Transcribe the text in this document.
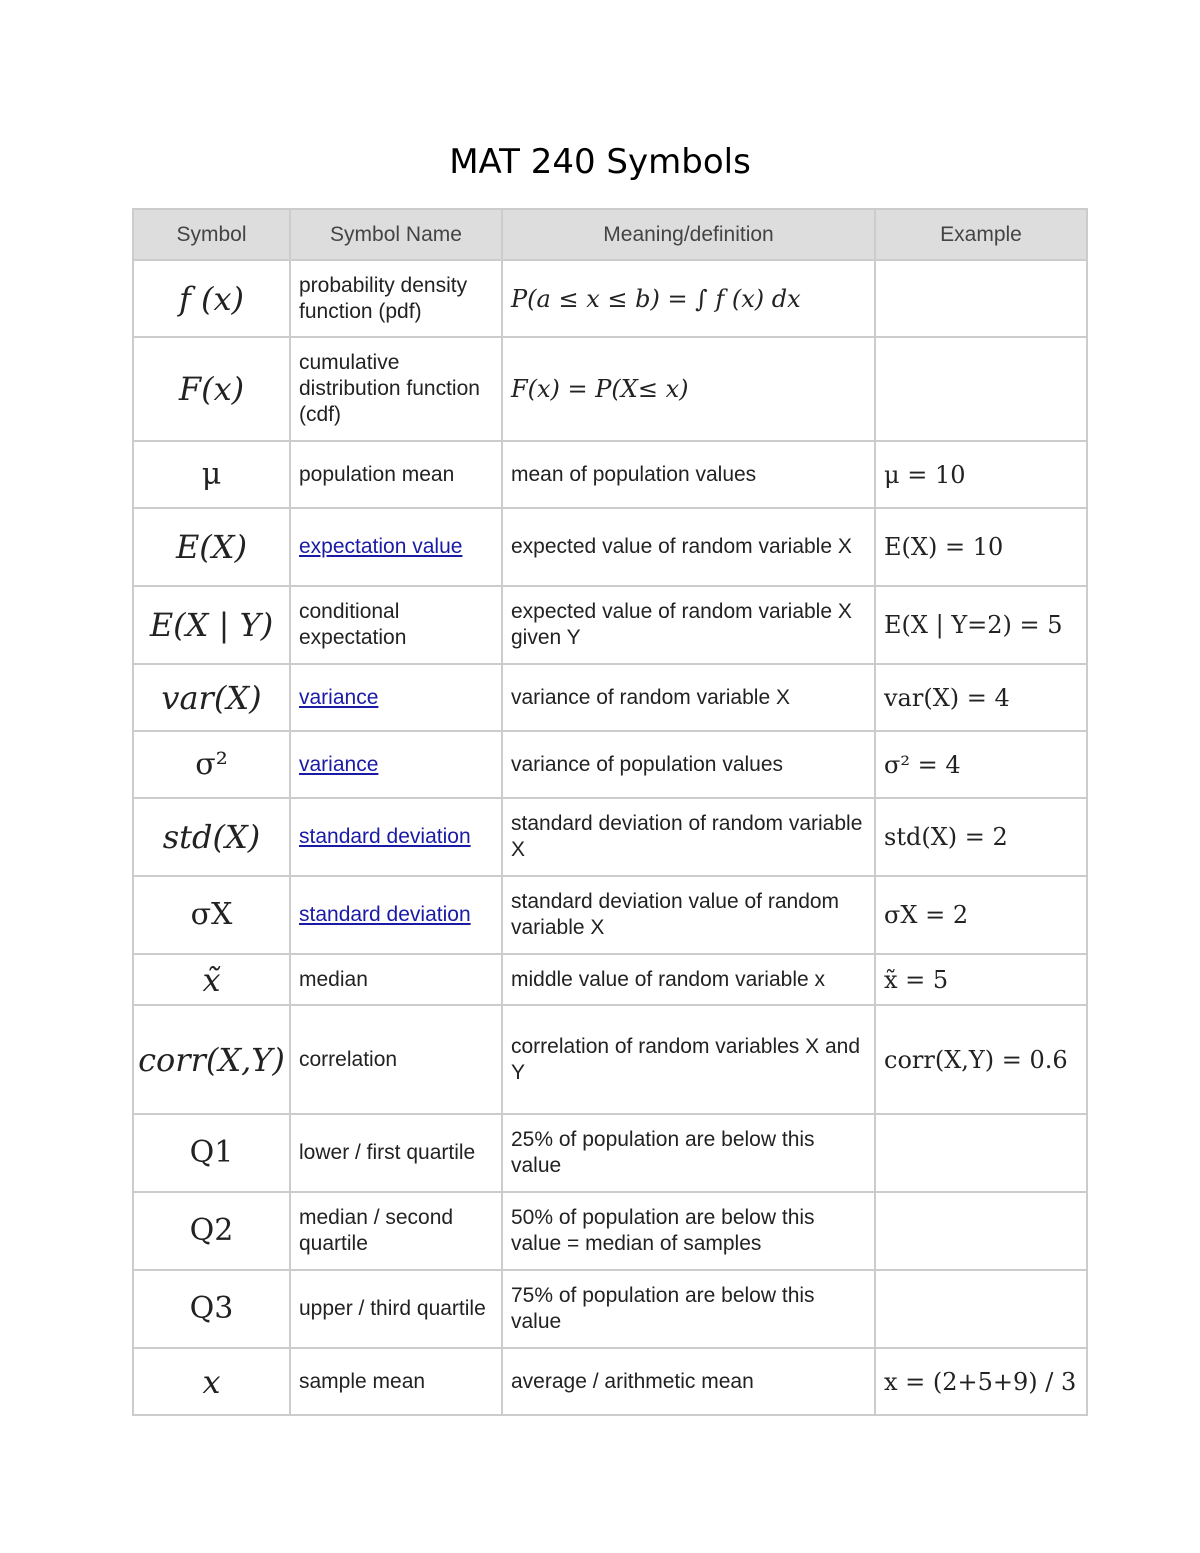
MAT 240 Symbols
Symbol	Symbol Name	Meaning/definition	Example
f (x)	probability density function (pdf)	P(a ≤ x ≤ b) = ∫ f (x) dx	
F(x)	cumulative distribution function (cdf)	F(x) = P(X≤ x)	
μ	population mean	mean of population values	μ = 10
E(X)	expectation value	expected value of random variable X	E(X) = 10
E(X | Y)	conditional expectation	expected value of random variable X given Y	E(X | Y=2) = 5
var(X)	variance	variance of random variable X	var(X) = 4
σ²	variance	variance of population values	σ² = 4
std(X)	standard deviation	standard deviation of random variable X	std(X) = 2
σX	standard deviation	standard deviation value of random variable X	σX = 2
x̃	median	middle value of random variable x	x̃ = 5
corr(X,Y)	correlation	correlation of random variables X and Y	corr(X,Y) = 0.6
Q1	lower / first quartile	25% of population are below this value	
Q2	median / second quartile	50% of population are below this value = median of samples	
Q3	upper / third quartile	75% of population are below this value	
x	sample mean	average / arithmetic mean	x = (2+5+9) / 3
